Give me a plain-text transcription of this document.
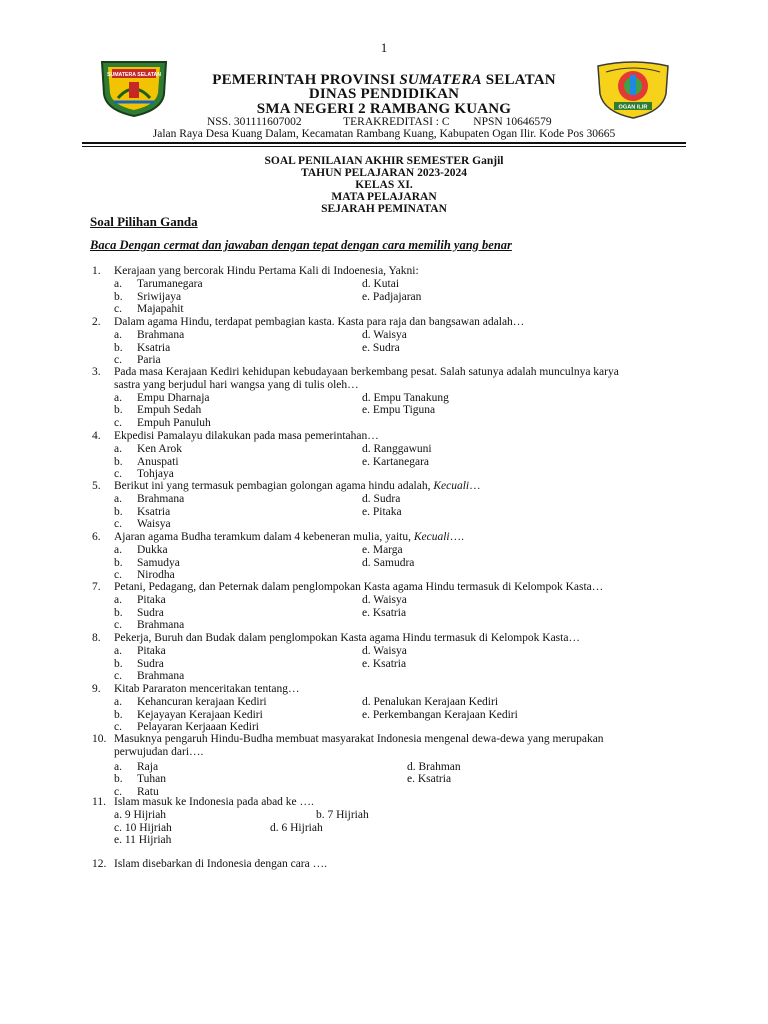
1
SUMATERA SELATAN
OGAN ILIR
PEMERINTAH PROVINSI SUMATERA SELATAN
DINAS PENDIDIKAN
SMA NEGERI 2 RAMBANG KUANG
NSS. 301111607002	TERAKREDITASI : C NPSN 10646579
Jalan Raya Desa Kuang Dalam, Kecamatan Rambang Kuang, Kabupaten Ogan Ilir. Kode Pos 30665
SOAL PENILAIAN AKHIR SEMESTER Ganjil
TAHUN PELAJARAN 2023-2024
KELAS XI.
MATA PELAJARAN
SEJARAH PEMINATAN
Soal Pilihan Ganda
Baca Dengan cermat dan jawaban dengan tepat dengan cara memilih yang benar
1. Kerajaan yang bercorak Hindu Pertama Kali di Indoenesia, Yakni:
a. Tarumanegara	d. Kutai
b. Sriwijaya	e. Padjajaran
c. Majapahit
2. Dalam agama Hindu, terdapat pembagian kasta. Kasta para raja dan bangsawan adalah…
a. Brahmana	d. Waisya
b. Ksatria	e. Sudra
c. Paria
3. Pada masa Kerajaan Kediri kehidupan kebudayaan berkembang pesat. Salah satunya adalah munculnya karya
sastra yang berjudul hari wangsa yang di tulis oleh…
a. Empu Dharnaja	d. Empu Tanakung
b. Empuh Sedah	e. Empu Tiguna
c. Empuh Panuluh
4. Ekpedisi Pamalayu dilakukan pada masa pemerintahan…
a. Ken Arok	d. Ranggawuni
b. Anuspati	e. Kartanegara
c. Tohjaya
5. Berikut ini yang termasuk pembagian golongan agama hindu adalah, Kecuali…
a. Brahmana	d. Sudra
b. Ksatria	e. Pitaka
c. Waisya
6. Ajaran agama Budha teramkum dalam 4 kebeneran mulia, yaitu, Kecuali….
a. Dukka	e. Marga
b. Samudya	d. Samudra
c. Nirodha
7. Petani, Pedagang, dan Peternak dalam penglompokan Kasta agama Hindu termasuk di Kelompok Kasta…
a. Pitaka	d. Waisya
b. Sudra	e. Ksatria
c. Brahmana
8. Pekerja, Buruh dan Budak dalam penglompokan Kasta agama Hindu termasuk di Kelompok Kasta…
a. Pitaka	d. Waisya
b. Sudra	e. Ksatria
c. Brahmana
9. Kitab Pararaton menceritakan tentang…
a. Kehancuran kerajaan Kediri	d. Penalukan Kerajaan Kediri
b. Kejayayan Kerajaan Kediri	e. Perkembangan Kerajaan Kediri
c. Pelayaran Kerjaaan Kediri
10. Masuknya pengaruh Hindu-Budha membuat masyarakat Indonesia mengenal dewa-dewa yang merupakan
perwujudan dari….
a. Raja	d. Brahman
b. Tuhan	e. Ksatria
c. Ratu
11. Islam masuk ke Indonesia pada abad ke ….
a. 9 Hijriah	b. 7 Hijriah
c. 10 Hijriah	d. 6 Hijriah
e. 11 Hijriah
12. Islam disebarkan di Indonesia dengan cara ….
